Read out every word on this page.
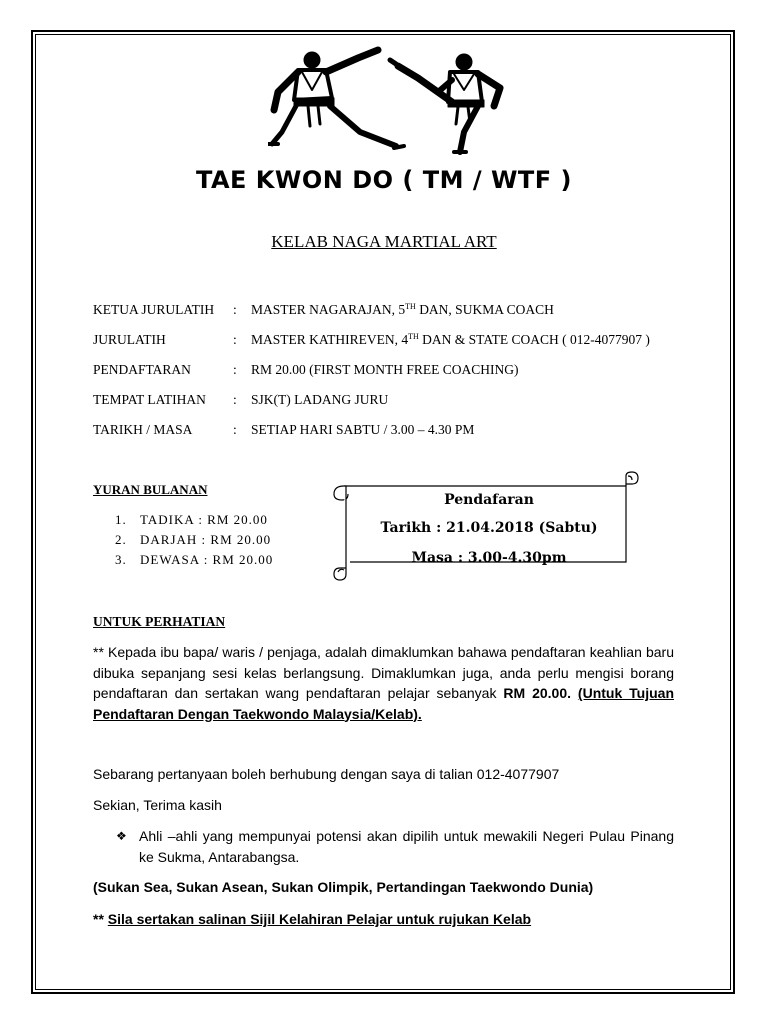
TAE KWON DO ( TM / WTF )
KELAB NAGA MARTIAL ART
KETUA JURULATIH : MASTER NAGARAJAN, 5TH DAN, SUKMA COACH
JURULATIH	: MASTER KATHIREVEN, 4TH DAN & STATE COACH ( 012-4077907 )
PENDAFTARAN	: RM 20.00 (FIRST MONTH FREE COACHING)
TEMPAT LATIHAN : SJK(T) LADANG JURU
TARIKH / MASA	: SETIAP HARI SABTU / 3.00 – 4.30 PM
YURAN BULANAN
1. TADIKA : RM 20.00
2. DARJAH : RM 20.00
3. DEWASA : RM 20.00
Pendafaran
Tarikh : 21.04.2018 (Sabtu)
Masa : 3.00-4.30pm
UNTUK PERHATIAN
** Kepada ibu bapa/ waris / penjaga, adalah dimaklumkan bahawa pendaftaran keahlian baru dibuka sepanjang sesi kelas berlangsung. Dimaklumkan juga, anda perlu mengisi borang pendaftaran dan sertakan wang pendaftaran pelajar sebanyak RM 20.00. (Untuk Tujuan Pendaftaran Dengan Taekwondo Malaysia/Kelab).
Sebarang pertanyaan boleh berhubung dengan saya di talian 012-4077907
Sekian, Terima kasih
❖ Ahli –ahli yang mempunyai potensi akan dipilih untuk mewakili Negeri Pulau Pinang ke Sukma, Antarabangsa.
(Sukan Sea, Sukan Asean, Sukan Olimpik, Pertandingan Taekwondo Dunia)
** Sila sertakan salinan Sijil Kelahiran Pelajar untuk rujukan Kelab
